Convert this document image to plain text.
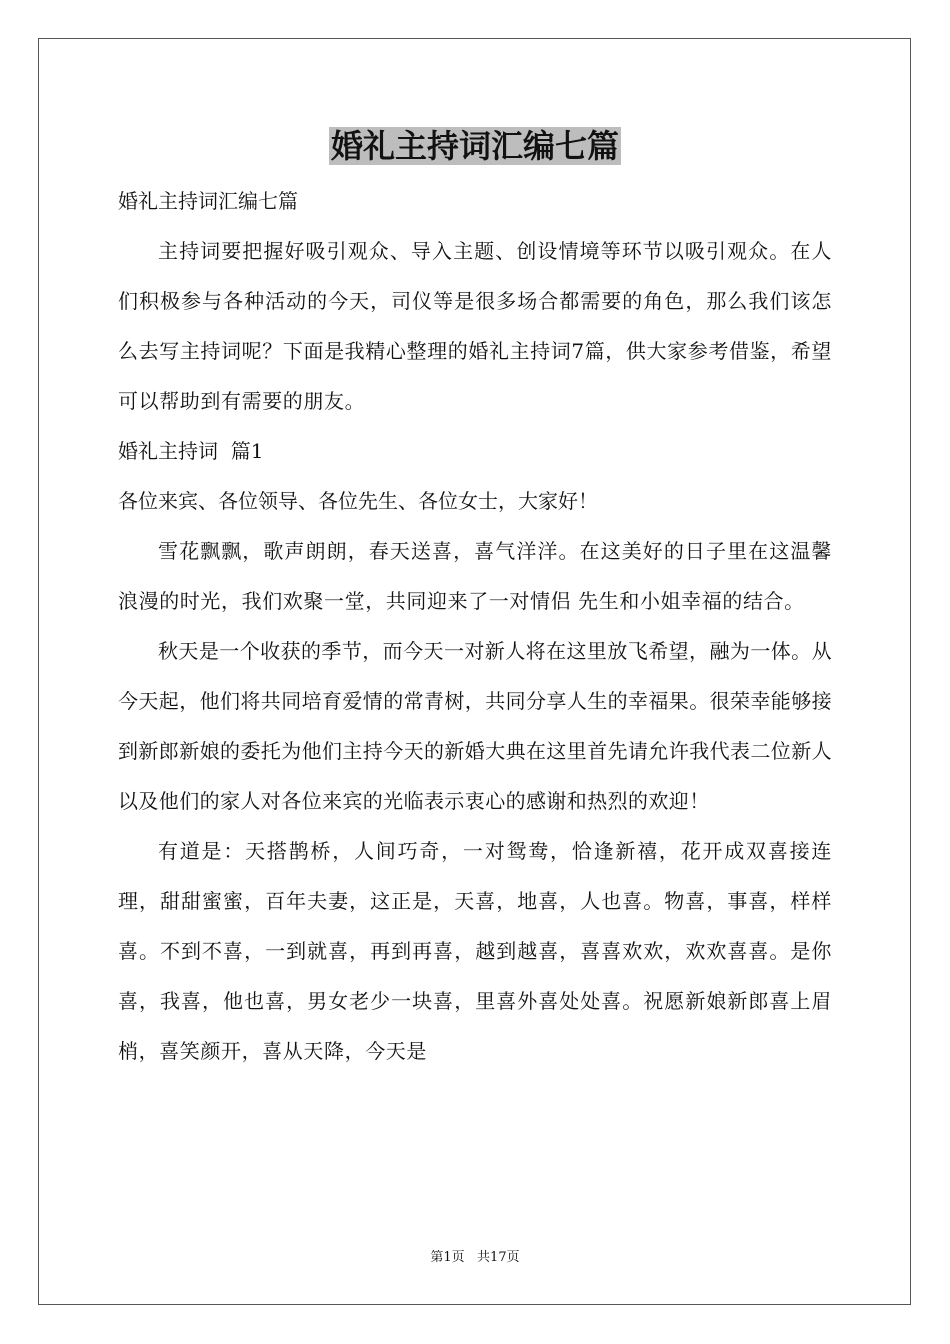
婚礼主持词汇编七篇

婚礼主持词汇编七篇

主持词要把握好吸引观众、导入主题、创设情境等环节以吸引观众。在人们积极参与各种活动的今天，司仪等是很多场合都需要的角色，那么我们该怎么去写主持词呢？下面是我精心整理的婚礼主持词7篇，供大家参考借鉴，希望可以帮助到有需要的朋友。

婚礼主持词  篇1

各位来宾、各位领导、各位先生、各位女士，大家好！

雪花飘飘，歌声朗朗，春天送喜，喜气洋洋。在这美好的日子里在这温馨浪漫的时光，我们欢聚一堂，共同迎来了一对情侣 先生和小姐幸福的结合。

秋天是一个收获的季节，而今天一对新人将在这里放飞希望，融为一体。从今天起，他们将共同培育爱情的常青树，共同分享人生的幸福果。很荣幸能够接到新郎新娘的委托为他们主持今天的新婚大典在这里首先请允许我代表二位新人以及他们的家人对各位来宾的光临表示衷心的感谢和热烈的欢迎！

有道是：天搭鹊桥，人间巧奇，一对鸳鸯，恰逢新禧，花开成双喜接连理，甜甜蜜蜜，百年夫妻，这正是，天喜，地喜，人也喜。物喜，事喜，样样喜。不到不喜，一到就喜，再到再喜，越到越喜，喜喜欢欢，欢欢喜喜。是你喜，我喜，他也喜，男女老少一块喜，里喜外喜处处喜。祝愿新娘新郎喜上眉梢，喜笑颜开，喜从天降，今天是

第1页   共17页
